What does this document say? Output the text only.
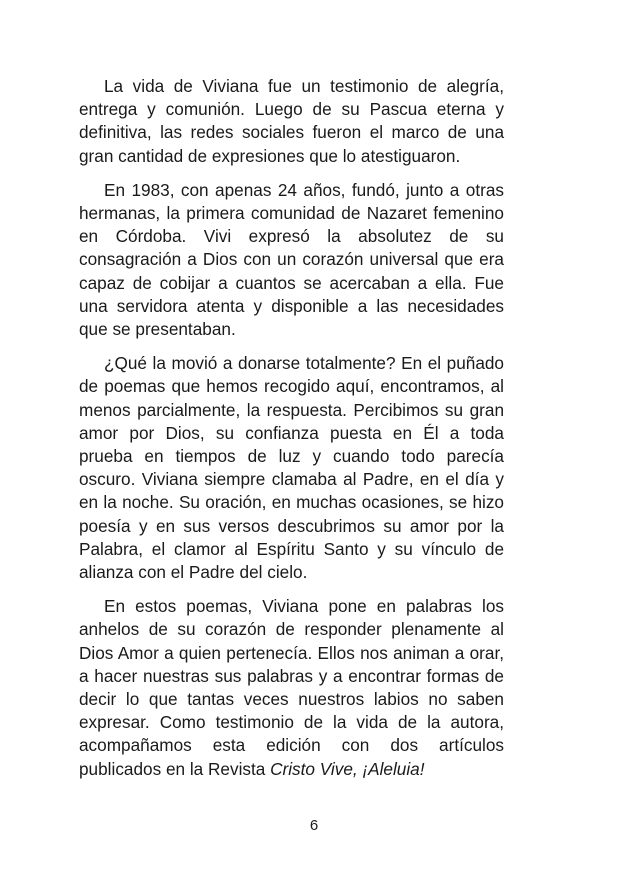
La vida de Viviana fue un testimonio de alegría, entrega y comunión. Luego de su Pascua eterna y definitiva, las redes sociales fueron el marco de una gran cantidad de expresiones que lo atestiguaron.

En 1983, con apenas 24 años, fundó, junto a otras hermanas, la primera comunidad de Nazaret femenino en Córdoba. Vivi expresó la absolutez de su consagración a Dios con un corazón universal que era capaz de cobijar a cuantos se acercaban a ella. Fue una servidora atenta y disponible a las necesidades que se presentaban.

¿Qué la movió a donarse totalmente? En el puñado de poemas que hemos recogido aquí, encontramos, al menos parcialmente, la respuesta. Percibimos su gran amor por Dios, su confianza puesta en Él a toda prueba en tiempos de luz y cuando todo parecía oscuro. Viviana siempre clamaba al Padre, en el día y en la noche. Su oración, en muchas ocasiones, se hizo poesía y en sus versos descubrimos su amor por la Palabra, el clamor al Espíritu Santo y su vínculo de alianza con el Padre del cielo.

En estos poemas, Viviana pone en palabras los anhelos de su corazón de responder plenamente al Dios Amor a quien pertenecía. Ellos nos animan a orar, a hacer nuestras sus palabras y a encontrar formas de decir lo que tantas veces nuestros labios no saben expresar. Como testimonio de la vida de la autora, acompañamos esta edición con dos artículos publicados en la Revista Cristo Vive, ¡Aleluia!

6
